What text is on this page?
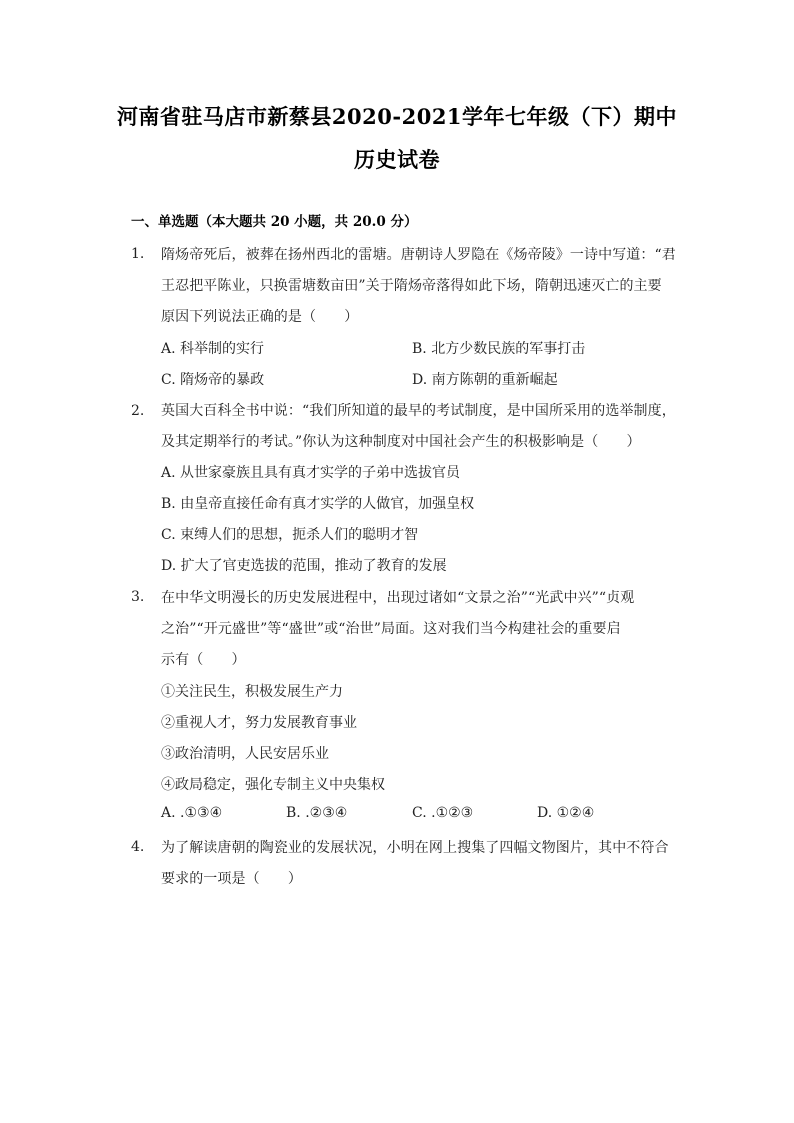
河南省驻马店市新蔡县2020-2021学年七年级（下）期中
历史试卷
一、单选题（本大题共 20 小题，共 20.0 分）
1. 隋炀帝死后，被葬在扬州西北的雷塘。唐朝诗人罗隐在《炀帝陵》一诗中写道：“君
王忍把平陈业，只换雷塘数亩田”关于隋炀帝落得如此下场，隋朝迅速灭亡的主要
原因下列说法正确的是（　　）
A. 科举制的实行	B. 北方少数民族的军事打击
C. 隋炀帝的暴政	D. 南方陈朝的重新崛起
2. 英国大百科全书中说：“我们所知道的最早的考试制度，是中国所采用的选举制度，
及其定期举行的考试。”你认为这种制度对中国社会产生的积极影响是（　　）
A. 从世家豪族且具有真才实学的子弟中选拔官员
B. 由皇帝直接任命有真才实学的人做官，加强皇权
C. 束缚人们的思想，扼杀人们的聪明才智
D. 扩大了官吏选拔的范围，推动了教育的发展
3. 在中华文明漫长的历史发展进程中，出现过诸如“文景之治”“光武中兴”“贞观
之治”“开元盛世”等“盛世”或“治世”局面。这对我们当今构建社会的重要启
示有（　　）
①关注民生，积极发展生产力
②重视人才，努力发展教育事业
③政治清明，人民安居乐业
④政局稳定，强化专制主义中央集权
A. .①③④	B. .②③④	C. .①②③	D. ①②④
4. 为了解读唐朝的陶瓷业的发展状况，小明在网上搜集了四幅文物图片，其中不符合
要求的一项是（　　）
